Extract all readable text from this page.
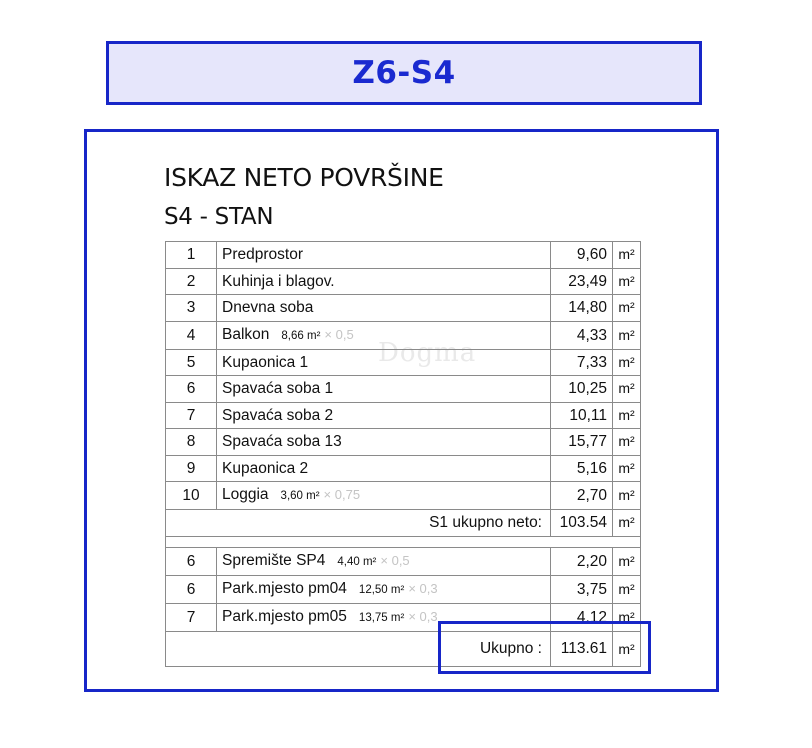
Z6-S4
ISKAZ NETO POVRŠINE
S4 - STAN
Dogma
1	Predprostor	9,60	m²
2	Kuhinja i blagov.	23,49	m²
3	Dnevna soba	14,80	m²
4	Balkon 8,66 m² × 0,5	4,33	m²
5	Kupaonica 1	7,33	m²
6	Spavaća soba 1	10,25	m²
7	Spavaća soba 2	10,11	m²
8	Spavaća soba 13	15,77	m²
9	Kupaonica 2	5,16	m²
10	Loggia 3,60 m² × 0,75	2,70	m²
S1 ukupno neto:		103.54	m²

6	Spremište SP4 4,40 m² × 0,5	2,20	m²
6	Park.mjesto pm04 12,50 m² × 0,3	3,75	m²
7	Park.mjesto pm05 13,75 m² × 0,3	4,12	m²
Ukupno :		113.61	m²
